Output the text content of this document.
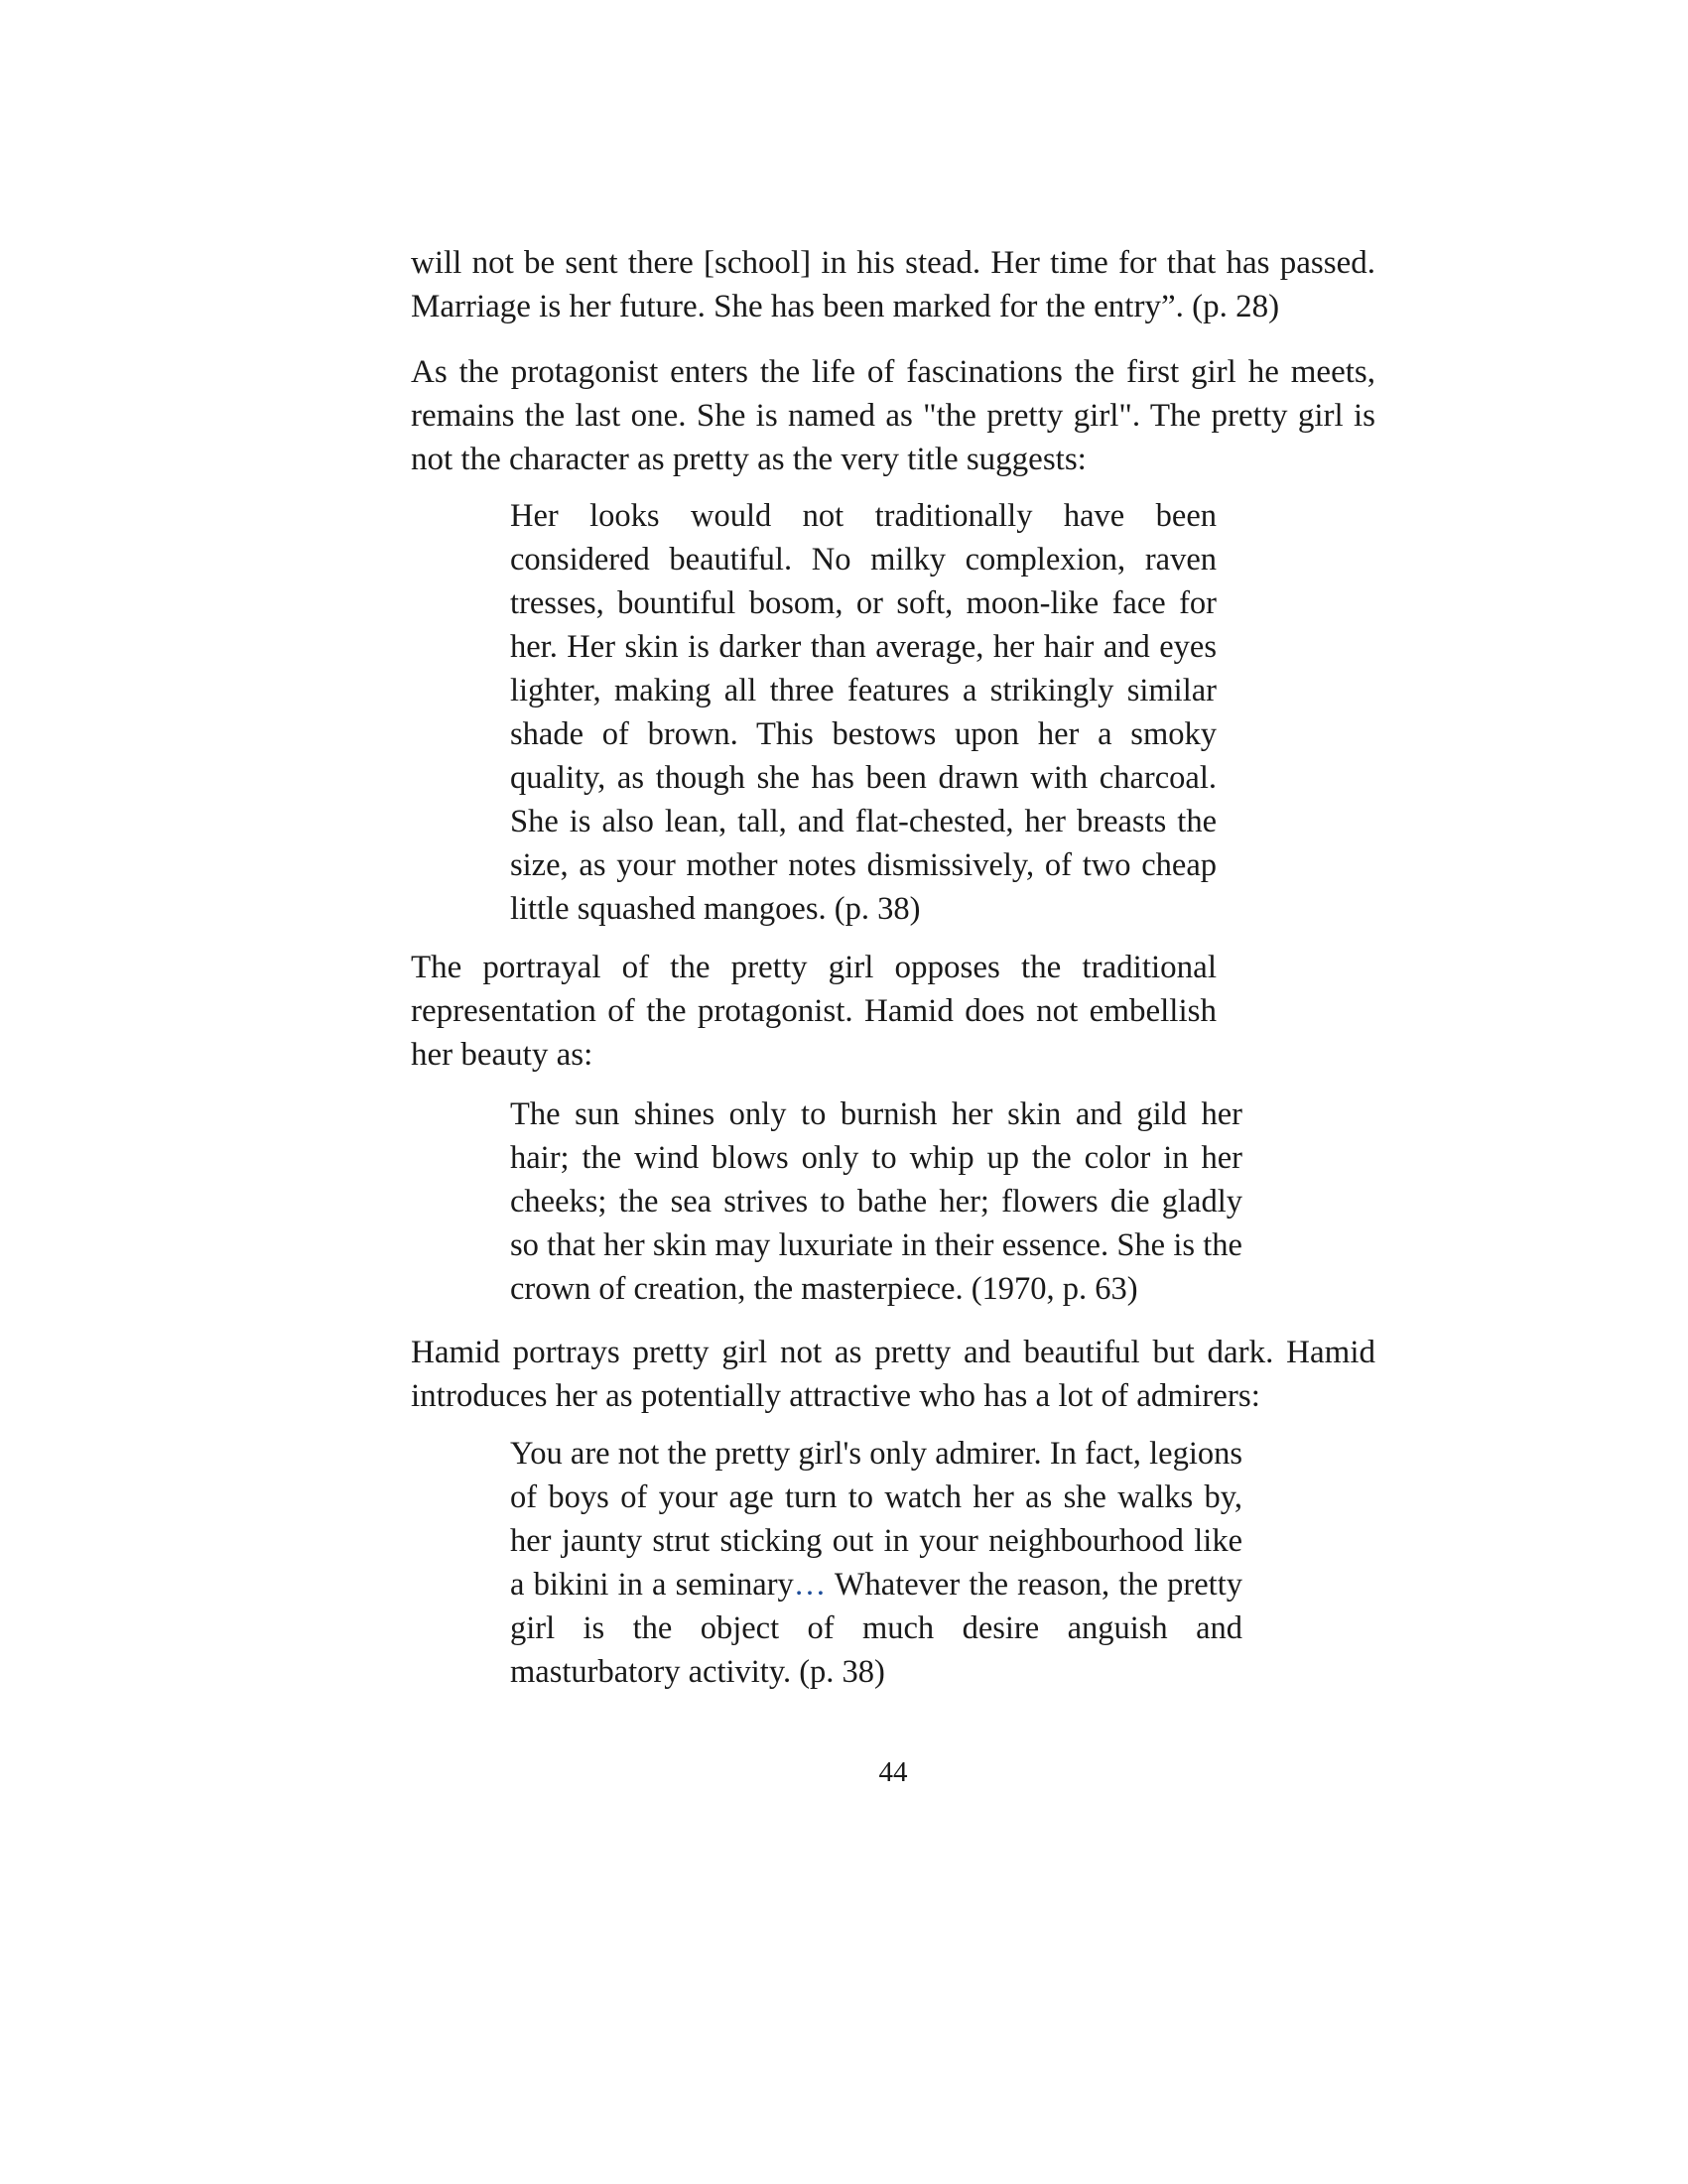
will not be sent there [school] in his stead. Her time for that has passed. Marriage is her future. She has been marked for the entry”. (p. 28)

As the protagonist enters the life of fascinations the first girl he meets, remains the last one. She is named as "the pretty girl". The pretty girl is not the character as pretty as the very title suggests:

Her looks would not traditionally have been considered beautiful. No milky complexion, raven tresses, bountiful bosom, or soft, moon-like face for her. Her skin is darker than average, her hair and eyes lighter, making all three features a strikingly similar shade of brown. This bestows upon her a smoky quality, as though she has been drawn with charcoal. She is also lean, tall, and flat-chested, her breasts the size, as your mother notes dismissively, of two cheap little squashed mangoes. (p. 38)

The portrayal of the pretty girl opposes the traditional representation of the protagonist. Hamid does not embellish her beauty as:

The sun shines only to burnish her skin and gild her hair; the wind blows only to whip up the color in her cheeks; the sea strives to bathe her; flowers die gladly so that her skin may luxuriate in their essence. She is the crown of creation, the masterpiece. (1970, p. 63)

Hamid portrays pretty girl not as pretty and beautiful but dark. Hamid introduces her as potentially attractive who has a lot of admirers:

You are not the pretty girl's only admirer. In fact, legions of boys of your age turn to watch her as she walks by, her jaunty strut sticking out in your neighbourhood like a bikini in a seminary… Whatever the reason, the pretty girl is the object of much desire anguish and masturbatory activity. (p. 38)

44
